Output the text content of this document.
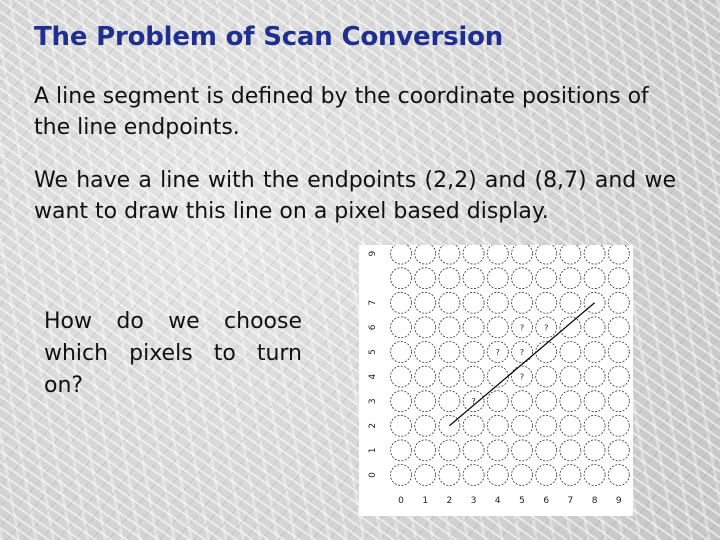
The Problem of Scan Conversion

A line segment is defined by the coordinate positions of the line endpoints.

We have a line with the endpoints (2,2) and (8,7) and we want to draw this line on a pixel based display.

How do we choose which pixels to turn on?

0 1 2 3 4 5 6 7 8 9
0
1
2
3
4
5
6
7
9
? ?
? ?
?
?
